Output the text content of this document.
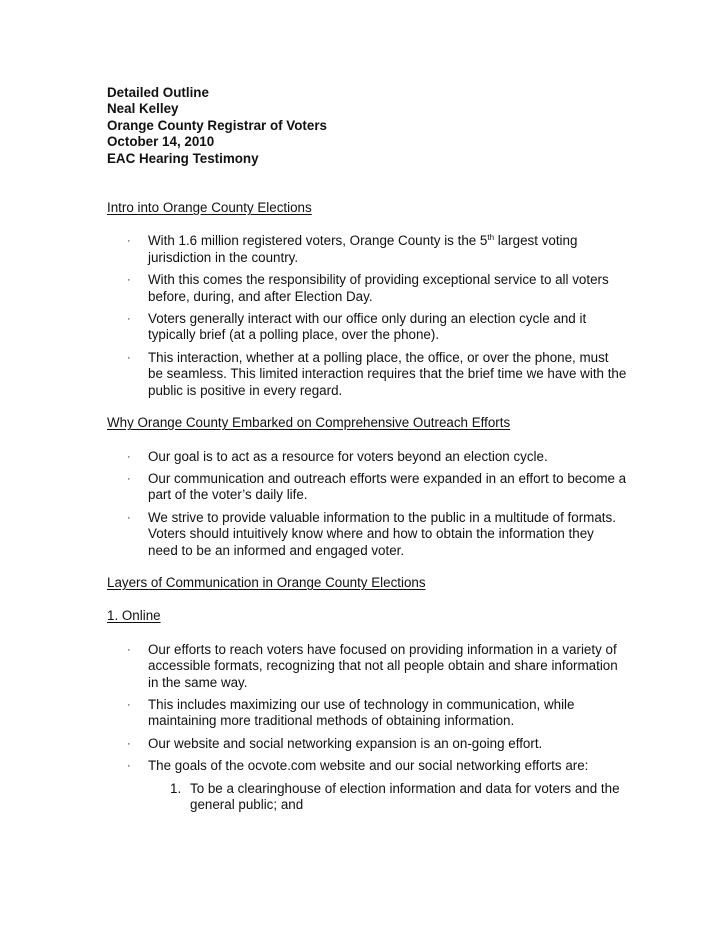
Detailed Outline
Neal Kelley
Orange County Registrar of Voters
October 14, 2010
EAC Hearing Testimony
Intro into Orange County Elections
· With 1.6 million registered voters, Orange County is the 5th largest voting jurisdiction in the country.
· With this comes the responsibility of providing exceptional service to all voters before, during, and after Election Day.
· Voters generally interact with our office only during an election cycle and it typically brief (at a polling place, over the phone).
· This interaction, whether at a polling place, the office, or over the phone, must be seamless. This limited interaction requires that the brief time we have with the public is positive in every regard.
Why Orange County Embarked on Comprehensive Outreach Efforts
· Our goal is to act as a resource for voters beyond an election cycle.
· Our communication and outreach efforts were expanded in an effort to become a part of the voter’s daily life.
· We strive to provide valuable information to the public in a multitude of formats. Voters should intuitively know where and how to obtain the information they need to be an informed and engaged voter.
Layers of Communication in Orange County Elections
1. Online
· Our efforts to reach voters have focused on providing information in a variety of accessible formats, recognizing that not all people obtain and share information in the same way.
· This includes maximizing our use of technology in communication, while maintaining more traditional methods of obtaining information.
· Our website and social networking expansion is an on-going effort.
· The goals of the ocvote.com website and our social networking efforts are:
1. To be a clearinghouse of election information and data for voters and the general public; and
